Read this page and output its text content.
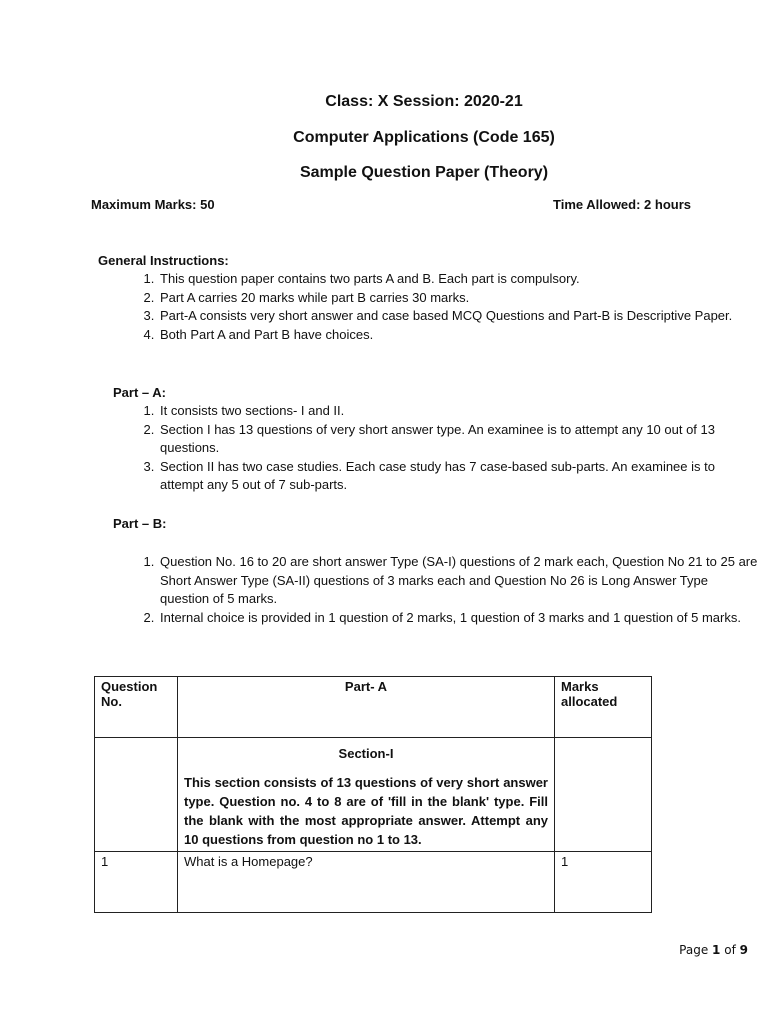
Class: X Session: 2020-21
Computer Applications (Code 165)
Sample Question Paper (Theory)
Maximum Marks: 50	Time Allowed: 2 hours
General Instructions:
1. This question paper contains two parts A and B. Each part is compulsory.
2. Part A carries 20 marks while part B carries 30 marks.
3. Part-A consists very short answer and case based MCQ Questions and Part-B is Descriptive Paper.
4. Both Part A and Part B have choices.
Part – A:
1. It consists two sections- I and II.
2. Section I has 13 questions of very short answer type. An examinee is to attempt any 10 out of 13 questions.
3. Section II has two case studies. Each case study has 7 case-based sub-parts. An examinee is to attempt any 5 out of 7 sub-parts.
Part – B:
1. Question No. 16 to 20 are short answer Type (SA-I) questions of 2 mark each, Question No 21 to 25 are Short Answer Type (SA-II) questions of 3 marks each and Question No 26 is Long Answer Type question of 5 marks.
2. Internal choice is provided in 1 question of 2 marks, 1 question of 3 marks and 1 question of 5 marks.
Question No.	Part- A	Marks allocated

	Section-I
This section consists of 13 questions of very short answer type. Question no. 4 to 8 are of 'fill in the blank' type. Fill the blank with the most appropriate answer. Attempt any 10 questions from question no 1 to 13.	

1	What is a Homepage?	1
Page 1 of 9
